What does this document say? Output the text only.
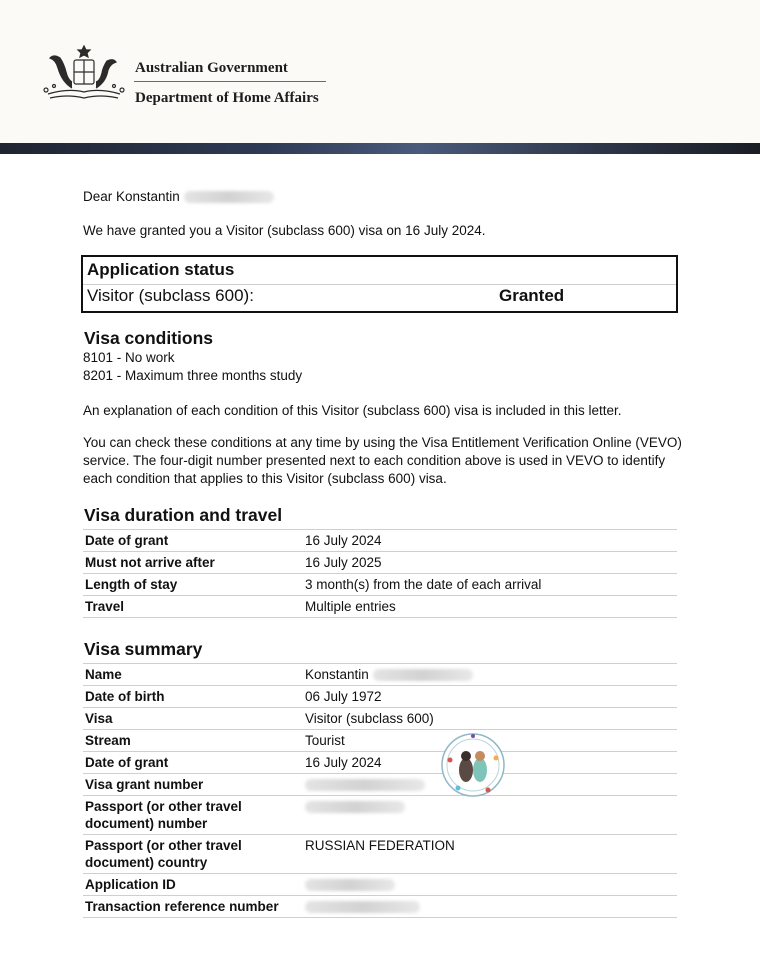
Australian Government
Department of Home Affairs
Dear Konstantin
We have granted you a Visitor (subclass 600) visa on 16 July 2024.
Application status
Visitor (subclass 600):	Granted
Visa conditions
8101 - No work
8201 - Maximum three months study
An explanation of each condition of this Visitor (subclass 600) visa is included in this letter.
You can check these conditions at any time by using the Visa Entitlement Verification Online (VEVO) service. The four-digit number presented next to each condition above is used in VEVO to identify each condition that applies to this Visitor (subclass 600) visa.
Visa duration and travel
Date of grant	16 July 2024
Must not arrive after	16 July 2025
Length of stay	3 month(s) from the date of each arrival
Travel	Multiple entries
Visa summary
Name	Konstantin
Date of birth	06 July 1972
Visa	Visitor (subclass 600)
Stream	Tourist
Date of grant	16 July 2024
Visa grant number	
Passport (or other travel document) number	
Passport (or other travel document) country	RUSSIAN FEDERATION
Application ID	
Transaction reference number	
